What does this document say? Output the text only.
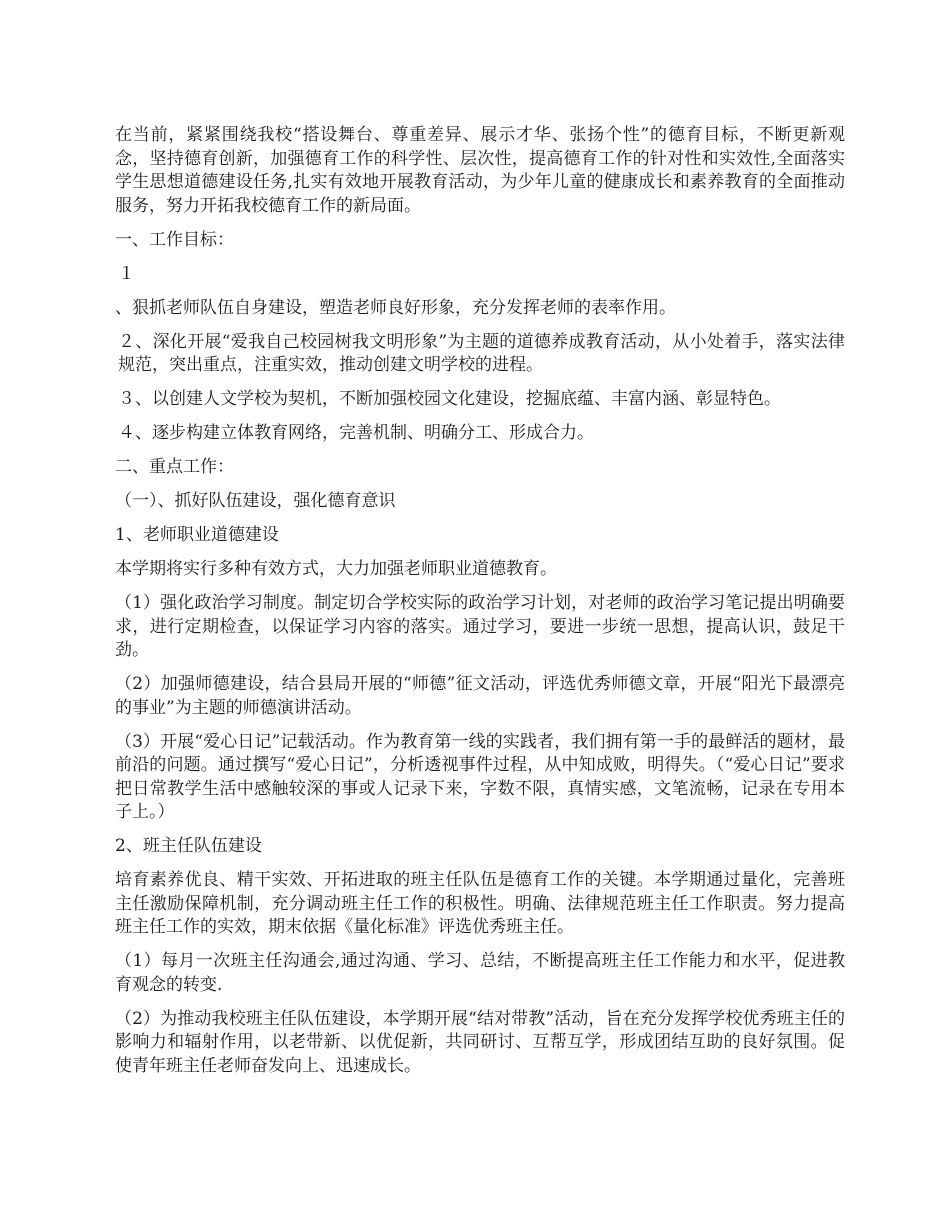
在当前，紧紧围绕我校“搭设舞台、尊重差异、展示才华、张扬个性”的德育目标，不断更新观念，坚持德育创新，加强德育工作的科学性、层次性，提高德育工作的针对性和实效性,全面落实学生思想道德建设任务,扎实有效地开展教育活动，为少年儿童的健康成长和素养教育的全面推动服务，努力开拓我校德育工作的新局面。

一、工作目标：

１

、狠抓老师队伍自身建设，塑造老师良好形象，充分发挥老师的表率作用。

２、深化开展“爱我自己校园树我文明形象”为主题的道德养成教育活动，从小处着手，落实法律规范，突出重点，注重实效，推动创建文明学校的进程。

３、以创建人文学校为契机，不断加强校园文化建设，挖掘底蕴、丰富内涵、彰显特色。

４、逐步构建立体教育网络，完善机制、明确分工、形成合力。

二、重点工作：

（一）、抓好队伍建设，强化德育意识

1、老师职业道德建设

本学期将实行多种有效方式，大力加强老师职业道德教育。

（1）强化政治学习制度。制定切合学校实际的政治学习计划，对老师的政治学习笔记提出明确要求，进行定期检查，以保证学习内容的落实。通过学习，要进一步统一思想，提高认识，鼓足干劲。

（2）加强师德建设，结合县局开展的“师德”征文活动，评选优秀师德文章，开展“阳光下最漂亮的事业”为主题的师德演讲活动。

（3）开展“爱心日记”记载活动。作为教育第一线的实践者，我们拥有第一手的最鲜活的题材，最前沿的问题。通过撰写“爱心日记”，分析透视事件过程，从中知成败，明得失。（“爱心日记”要求把日常教学生活中感触较深的事或人记录下来，字数不限，真情实感，文笔流畅，记录在专用本子上。）

2、班主任队伍建设

培育素养优良、精干实效、开拓进取的班主任队伍是德育工作的关键。本学期通过量化，完善班主任激励保障机制，充分调动班主任工作的积极性。明确、法律规范班主任工作职责。努力提高班主任工作的实效，期末依据《量化标准》评选优秀班主任。

（1）每月一次班主任沟通会,通过沟通、学习、总结，不断提高班主任工作能力和水平，促进教育观念的转变.

（2）为推动我校班主任队伍建设，本学期开展“结对带教”活动，旨在充分发挥学校优秀班主任的影响力和辐射作用，以老带新、以优促新，共同研讨、互帮互学，形成团结互助的良好氛围。促使青年班主任老师奋发向上、迅速成长。
